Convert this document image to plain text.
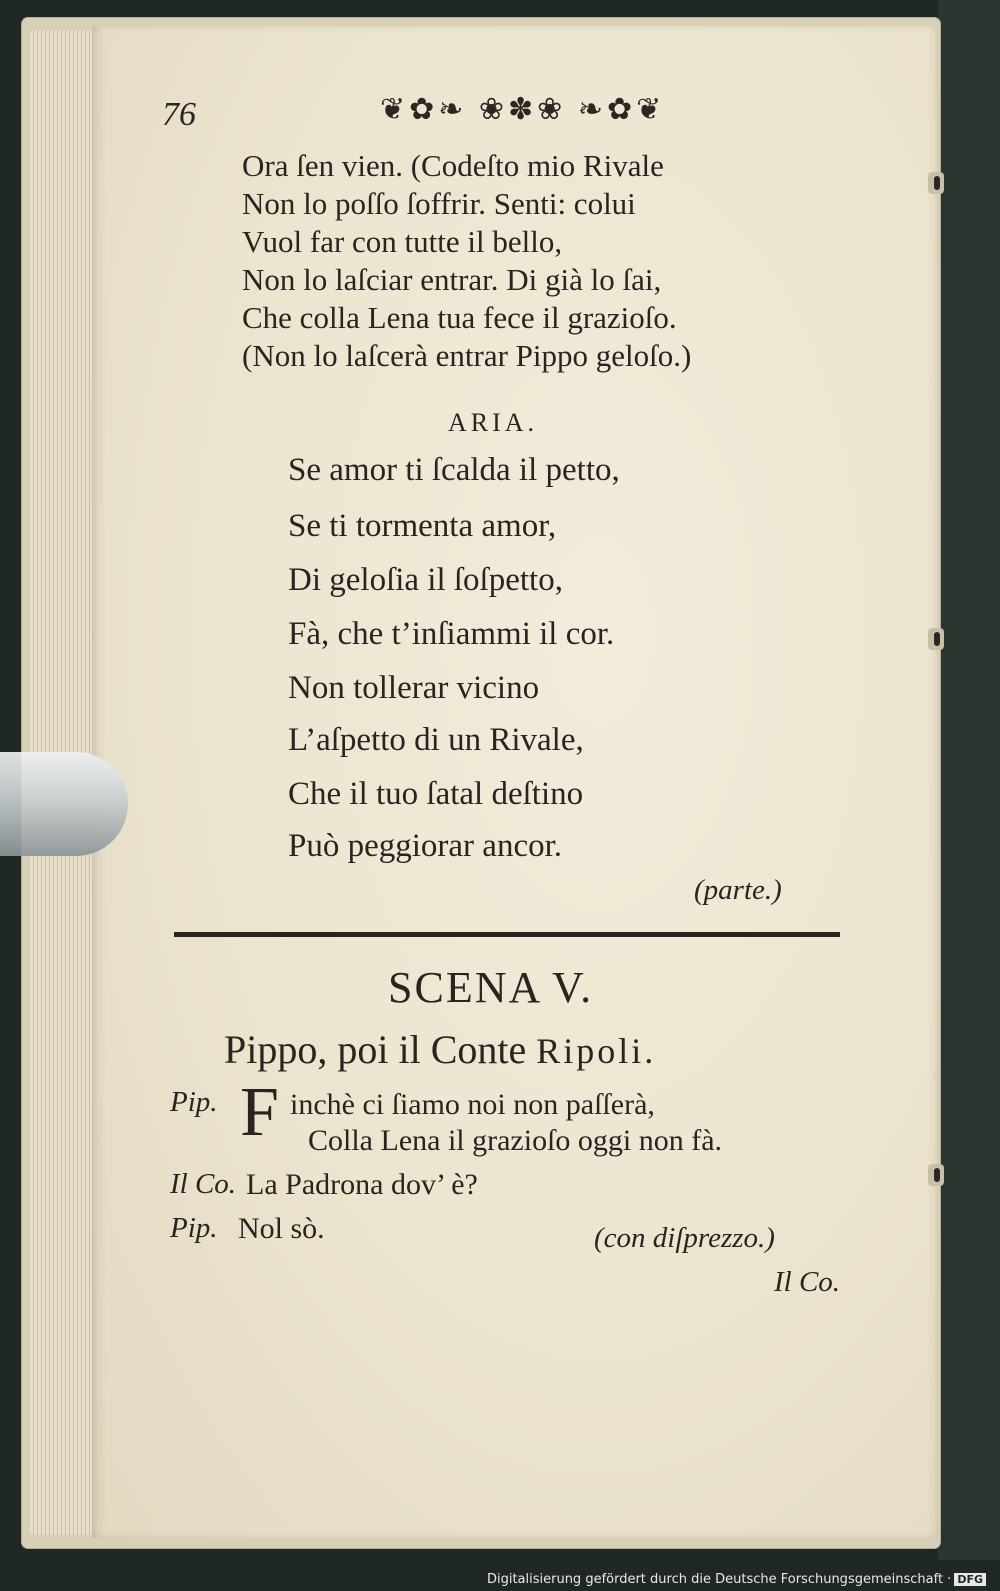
76	❦✿❧ ❀✽❀ ❧✿❦
Ora ſen vien. (Codeſto mio Rivale
Non lo poſſo ſoffrir. Senti: colui
Vuol far con tutte il bello,
Non lo laſciar entrar. Di già lo ſai,
Che colla Lena tua fece il grazioſo.
(Non lo laſcerà entrar Pippo geloſo.)
ARIA.
Se amor ti ſcalda il petto,
Se ti tormenta amor,
Di geloſia il ſoſpetto,
Fà, che t’inſiammi il cor.
Non tollerar vicino
L’aſpetto di un Rivale,
Che il tuo ſatal deſtino
Può peggiorar ancor.
(parte.)
SCENA V.
Pippo, poi il Conte Ripoli.
Pip. F inchè ci ſiamo noi non paſſerà,
Colla Lena il grazioſo oggi non fà.
Il Co. La Padrona dov’ è?
Pip. Nol sò.	(con diſprezzo.)
Il Co.
Digitalisierung gefördert durch die Deutsche Forschungsgemeinschaft · DFG
